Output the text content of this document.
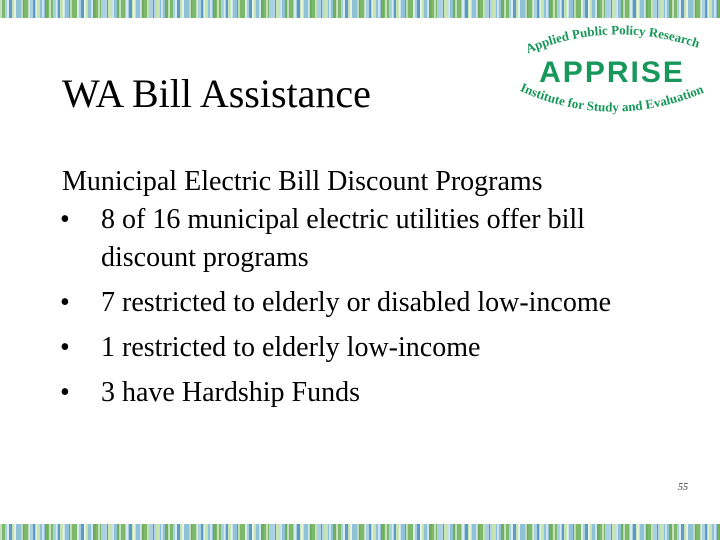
WA Bill Assistance
Applied Public Policy Research
APPRISE
Institute for Study and Evaluation
Municipal Electric Bill Discount Programs
• 8 of 16 municipal electric utilities offer bill discount programs
• 7 restricted to elderly or disabled low-income
• 1 restricted to elderly low-income
• 3 have Hardship Funds
55
